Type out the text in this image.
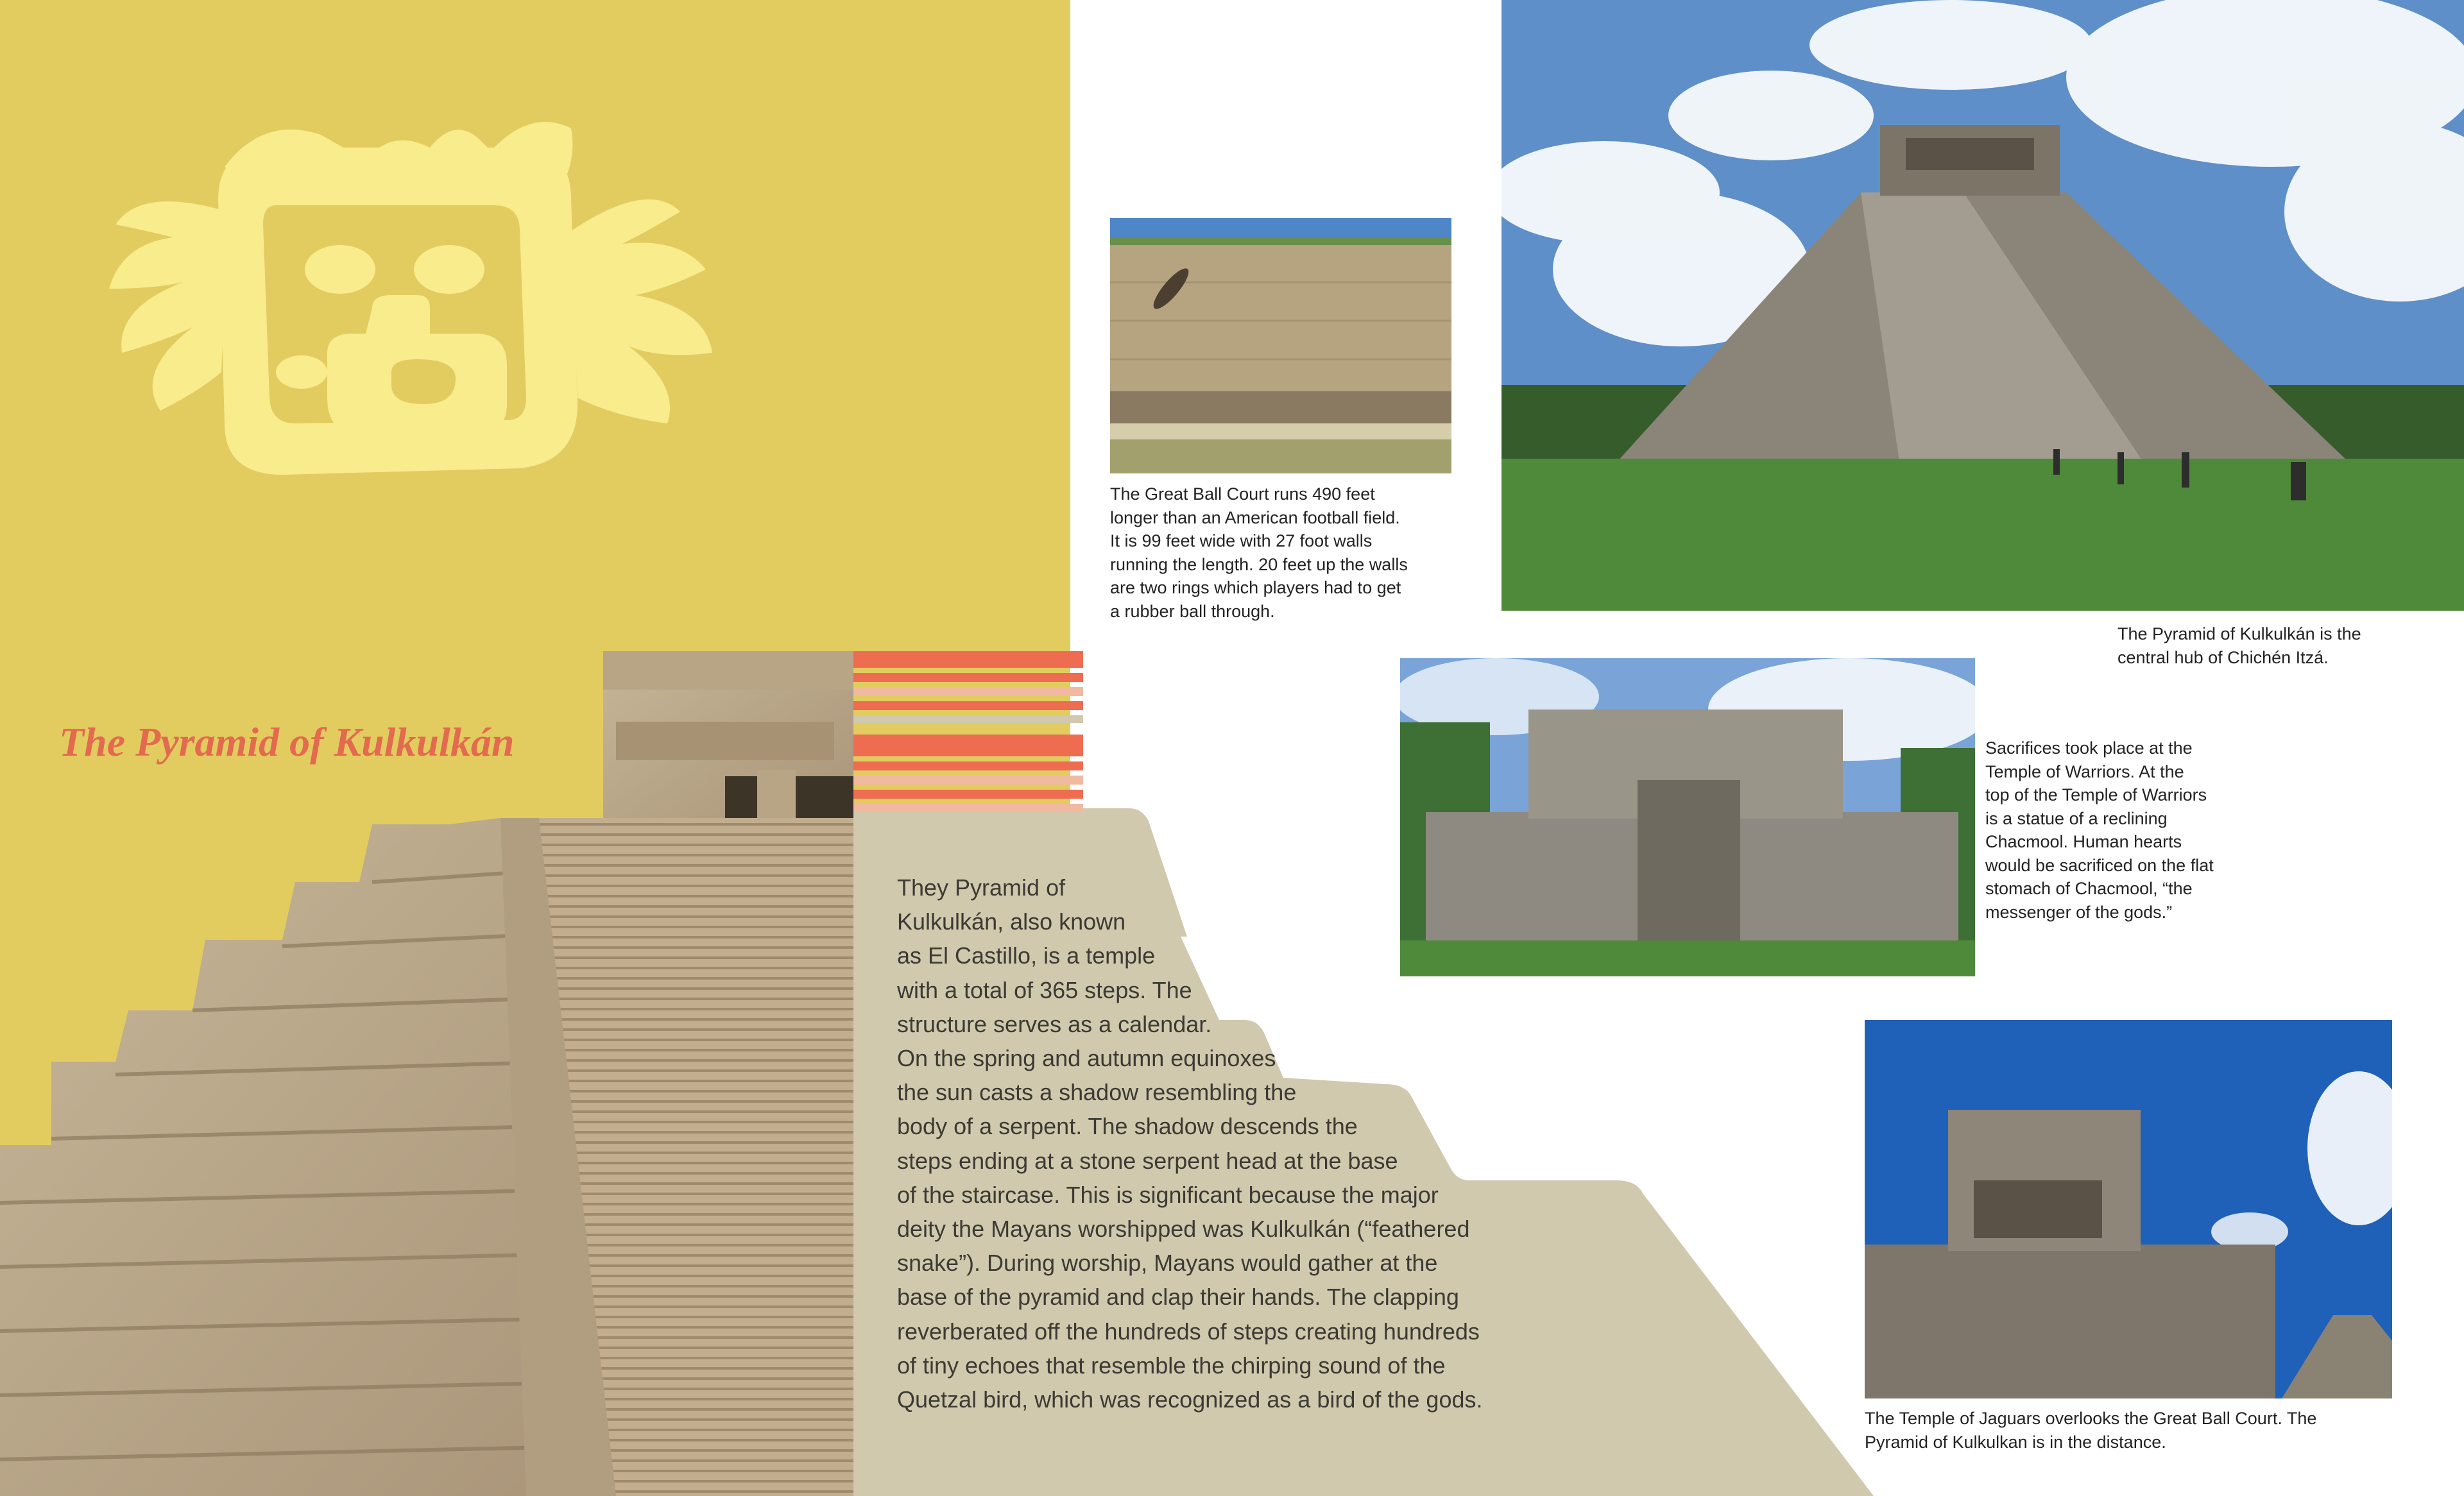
The Pyramid of Kulkulkán
They Pyramid of
Kulkulkán, also known
as El Castillo, is a temple
with a total of 365 steps. The
structure serves as a calendar.
On the spring and autumn equinoxes
the sun casts a shadow resembling the
body of a serpent. The shadow descends the
steps ending at a stone serpent head at the base
of the staircase. This is significant because the major
deity the Mayans worshipped was Kulkulkán (“feathered
snake”). During worship, Mayans would gather at the
base of the pyramid and clap their hands. The clapping
reverberated off the hundreds of steps creating hundreds
of tiny echoes that resemble the chirping sound of the
Quetzal bird, which was recognized as a bird of the gods.
The Great Ball Court runs 490 feet
longer than an American football field.
It is 99 feet wide with 27 foot walls
running the length. 20 feet up the walls
are two rings which players had to get
a rubber ball through.
The Pyramid of Kulkulkán is the
central hub of Chichén Itzá.
Sacrifices took place at the
Temple of Warriors. At the
top of the Temple of Warriors
is a statue of a reclining
Chacmool. Human hearts
would be sacrificed on the flat
stomach of Chacmool, “the
messenger of the gods.”
The Temple of Jaguars overlooks the Great Ball Court. The
Pyramid of Kulkulkan is in the distance.
